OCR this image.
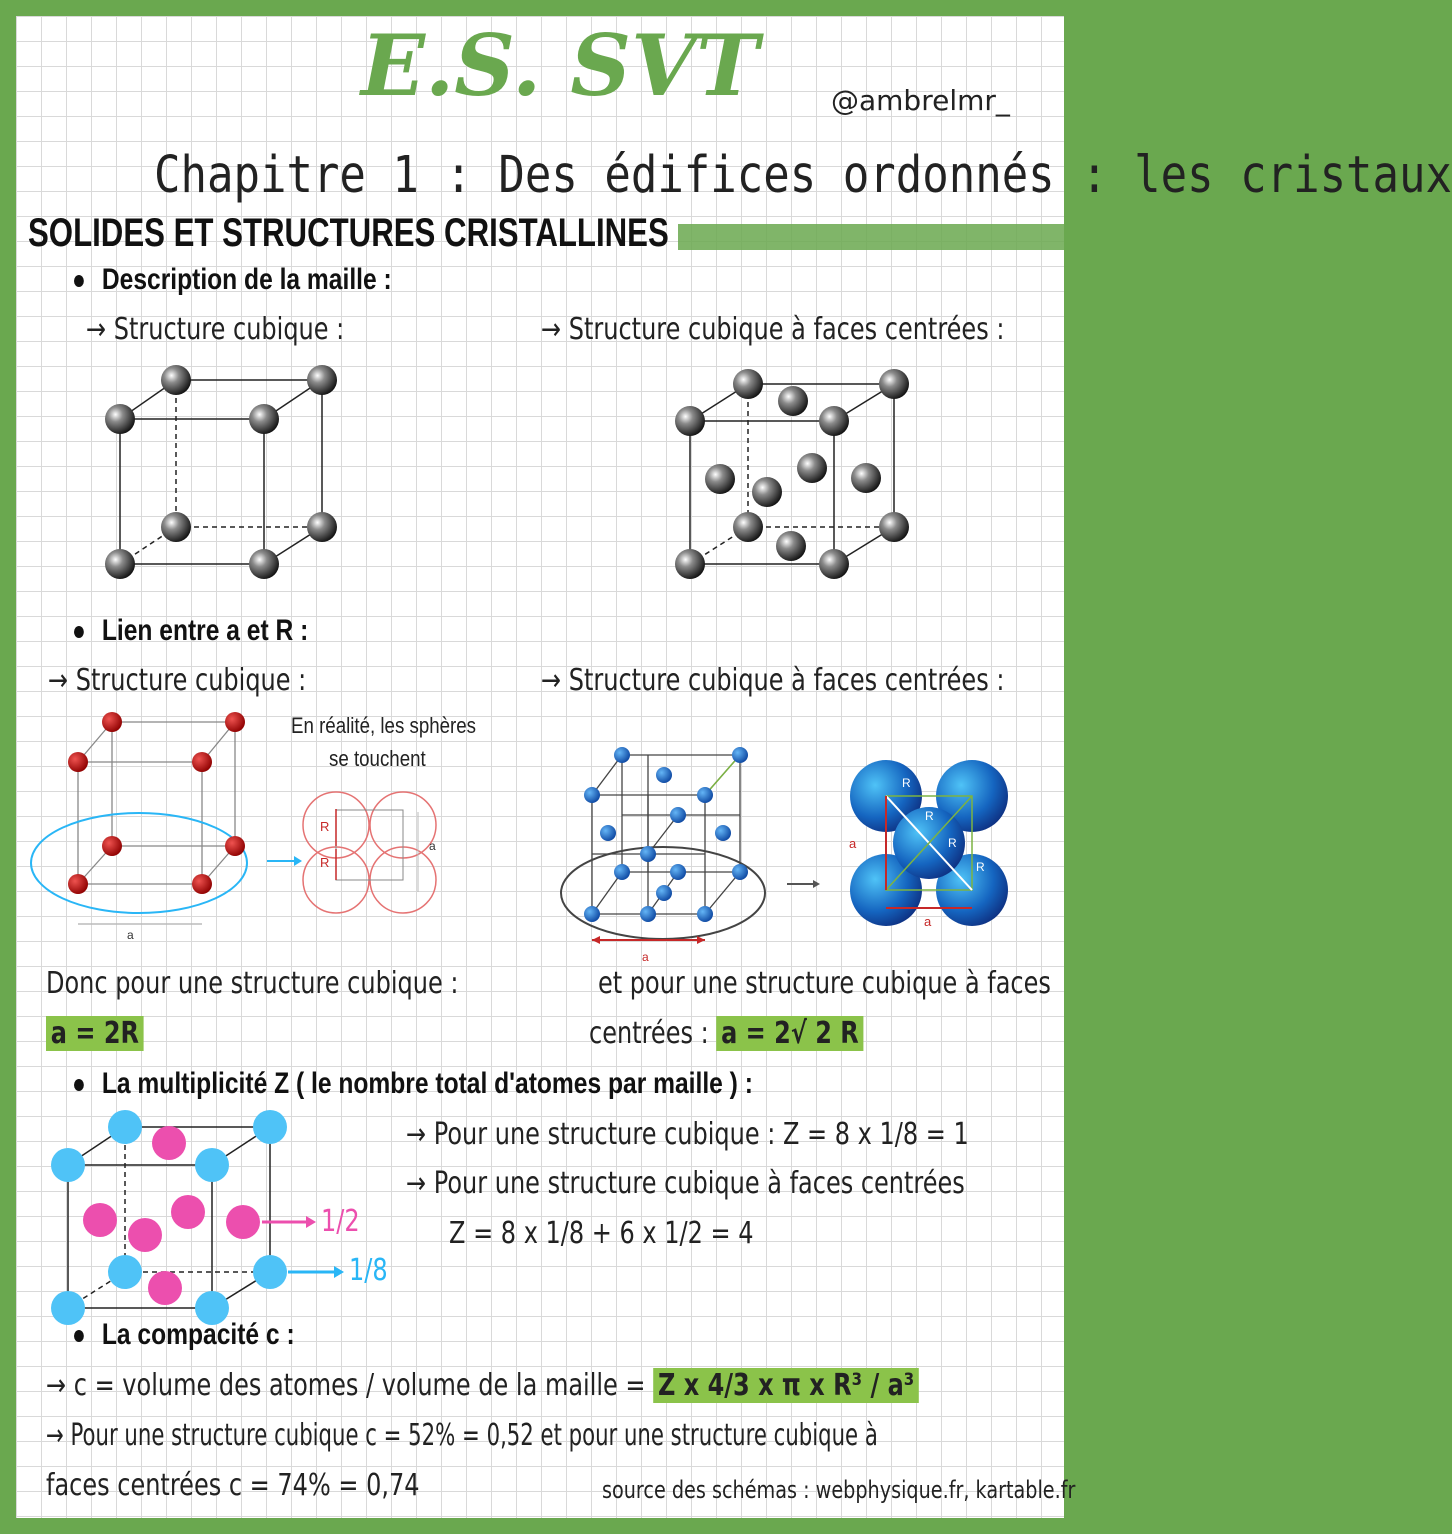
E.S. SVT	@ambrelmr_
Chapitre 1 : Des édifices ordonnés : les cristaux
SOLIDES ET STRUCTURES CRISTALLINES
Description de la maille :
→ Structure cubique :	→ Structure cubique à faces centrées :
Lien entre a et R :
→ Structure cubique :	→ Structure cubique à faces centrées :
En réalité, les sphères
se touchent
a
R
R
a
a
a
a
R
R
R
R
Donc pour une structure cubique :
a = 2R
et pour une structure cubique à faces
centrées : a = 2√ 2 R
La multiplicité Z ( le nombre total d'atomes par maille ) :
1/2
1/8
→ Pour une structure cubique : Z = 8 x 1/8 = 1
→ Pour une structure cubique à faces centrées
Z = 8 x 1/8 + 6 x 1/2 = 4
La compacité c :
→ c = volume des atomes / volume de la maille = Z x 4/3 x π x R³ / a³
→ Pour une structure cubique c = 52% = 0,52 et pour une structure cubique à
faces centrées c = 74% = 0,74	source des schémas : webphysique.fr, kartable.fr
